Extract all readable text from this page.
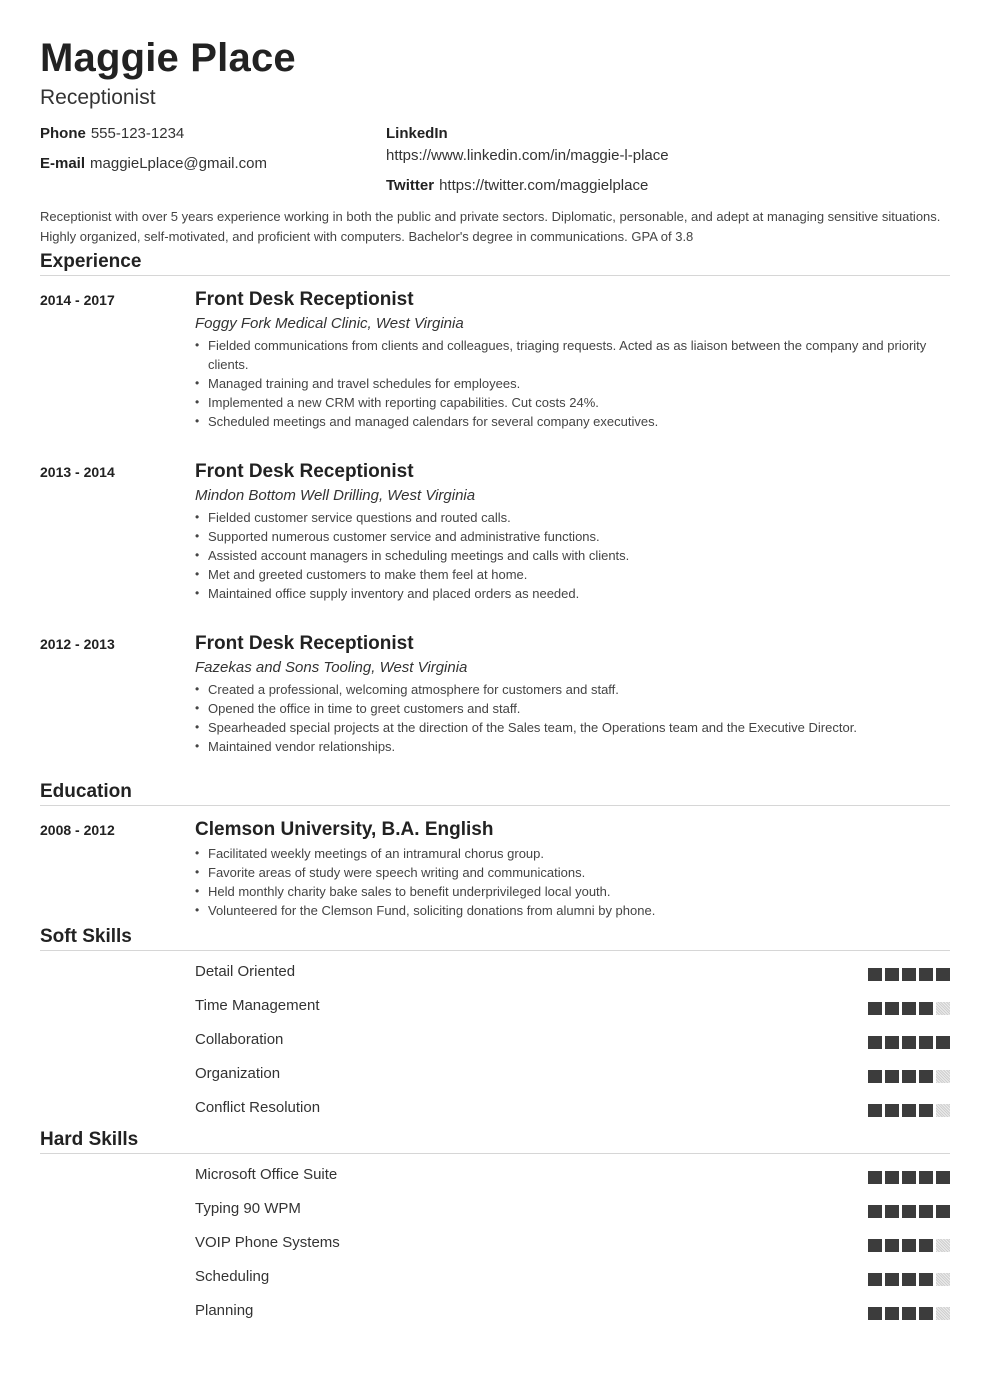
Maggie Place
Receptionist
Phone 555-123-1234
E-mail maggieLplace@gmail.com
LinkedIn
https://www.linkedin.com/in/maggie-l-place
Twitter https://twitter.com/maggielplace
Receptionist with over 5 years experience working in both the public and private sectors. Diplomatic, personable, and adept at managing sensitive situations. Highly organized, self-motivated, and proficient with computers. Bachelor's degree in communications. GPA of 3.8
Experience
2014 - 2017	Front Desk Receptionist
Foggy Fork Medical Clinic, West Virginia
• Fielded communications from clients and colleagues, triaging requests. Acted as as liaison between the company and priority clients.
• Managed training and travel schedules for employees.
• Implemented a new CRM with reporting capabilities. Cut costs 24%.
• Scheduled meetings and managed calendars for several company executives.
2013 - 2014	Front Desk Receptionist
Mindon Bottom Well Drilling, West Virginia
• Fielded customer service questions and routed calls.
• Supported numerous customer service and administrative functions.
• Assisted account managers in scheduling meetings and calls with clients.
• Met and greeted customers to make them feel at home.
• Maintained office supply inventory and placed orders as needed.
2012 - 2013	Front Desk Receptionist
Fazekas and Sons Tooling, West Virginia
• Created a professional, welcoming atmosphere for customers and staff.
• Opened the office in time to greet customers and staff.
• Spearheaded special projects at the direction of the Sales team, the Operations team and the Executive Director.
• Maintained vendor relationships.
Education
2008 - 2012	Clemson University, B.A. English
• Facilitated weekly meetings of an intramural chorus group.
• Favorite areas of study were speech writing and communications.
• Held monthly charity bake sales to benefit underprivileged local youth.
• Volunteered for the Clemson Fund, soliciting donations from alumni by phone.
Soft Skills
Detail Oriented
Time Management
Collaboration
Organization
Conflict Resolution
Hard Skills
Microsoft Office Suite
Typing 90 WPM
VOIP Phone Systems
Scheduling
Planning
